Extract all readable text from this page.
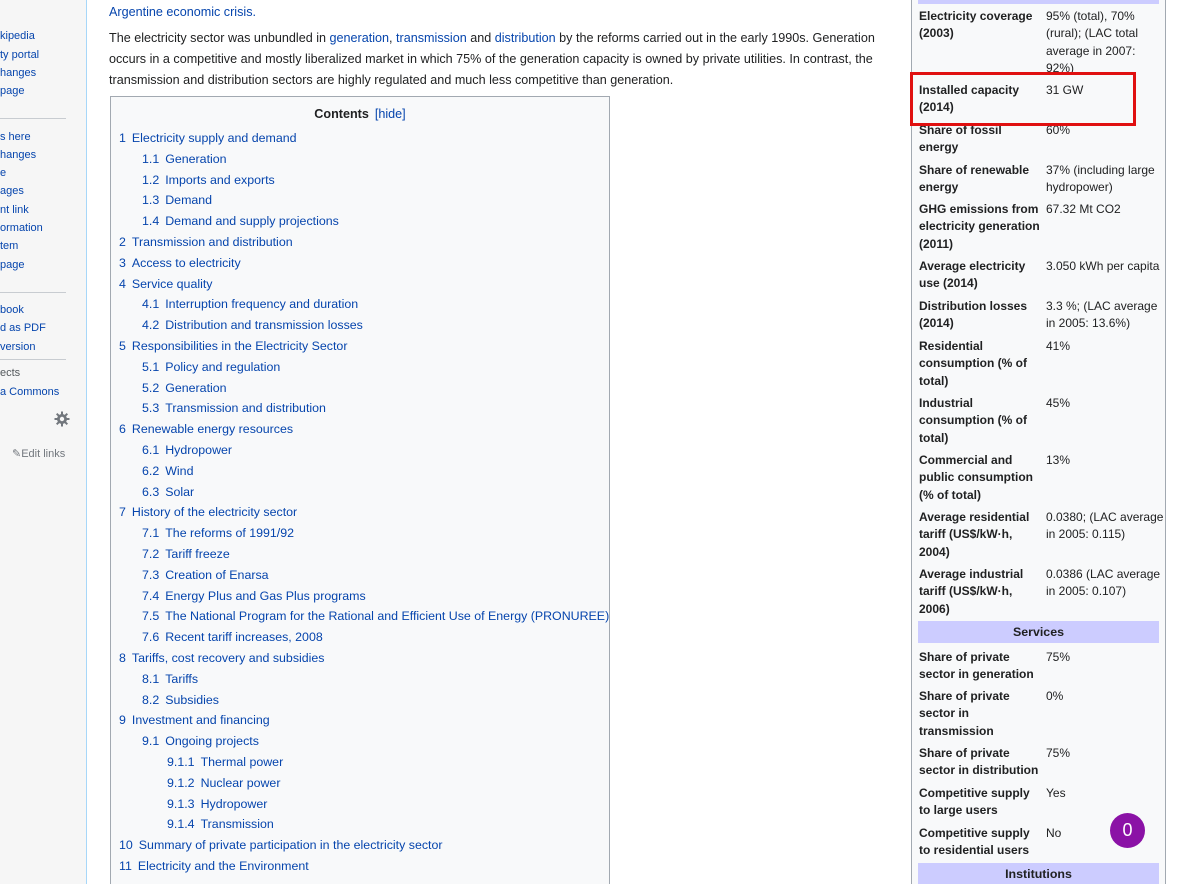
kipedia
ty portal
hanges
page
s here
hanges
e
ages
nt link
ormation
tem
page
book
d as PDF
version
ects
a Commons
✎Edit links
Argentine economic crisis.
The electricity sector was unbundled in generation, transmission and distribution by the reforms carried out in the early 1990s. Generation occurs in a competitive and mostly liberalized market in which 75% of the generation capacity is owned by private utilities. In contrast, the transmission and distribution sectors are highly regulated and much less competitive than generation.
Contents [hide]
1 Electricity supply and demand
1.1 Generation
1.2 Imports and exports
1.3 Demand
1.4 Demand and supply projections
2 Transmission and distribution
3 Access to electricity
4 Service quality
4.1 Interruption frequency and duration
4.2 Distribution and transmission losses
5 Responsibilities in the Electricity Sector
5.1 Policy and regulation
5.2 Generation
5.3 Transmission and distribution
6 Renewable energy resources
6.1 Hydropower
6.2 Wind
6.3 Solar
7 History of the electricity sector
7.1 The reforms of 1991/92
7.2 Tariff freeze
7.3 Creation of Enarsa
7.4 Energy Plus and Gas Plus programs
7.5 The National Program for the Rational and Efficient Use of Energy (PRONUREE)
7.6 Recent tariff increases, 2008
8 Tariffs, cost recovery and subsidies
8.1 Tariffs
8.2 Subsidies
9 Investment and financing
9.1 Ongoing projects
9.1.1 Thermal power
9.1.2 Nuclear power
9.1.3 Hydropower
9.1.4 Transmission
10 Summary of private participation in the electricity sector
11 Electricity and the Environment
Electricity coverage (2003)
95% (total), 70% (rural); (LAC total average in 2007: 92%)
Installed capacity (2014)
31 GW
Share of fossil energy
60%
Share of renewable energy
37% (including large hydropower)
GHG emissions from electricity generation (2011)
67.32 Mt CO2
Average electricity use (2014)
3.050 kWh per capita
Distribution losses (2014)
3.3 %; (LAC average in 2005: 13.6%)
Residential consumption (% of total)
41%
Industrial consumption (% of total)
45%
Commercial and public consumption (% of total)
13%
Average residential tariff (US$/kW·h, 2004)
0.0380; (LAC average in 2005: 0.115)
Average industrial tariff (US$/kW·h, 2006)
0.0386 (LAC average in 2005: 0.107)
Share of private sector in generation
75%
Share of private sector in transmission
0%
Share of private sector in distribution
75%
Competitive supply to large users
Yes
Competitive supply to residential users
No
Services
Institutions
0
